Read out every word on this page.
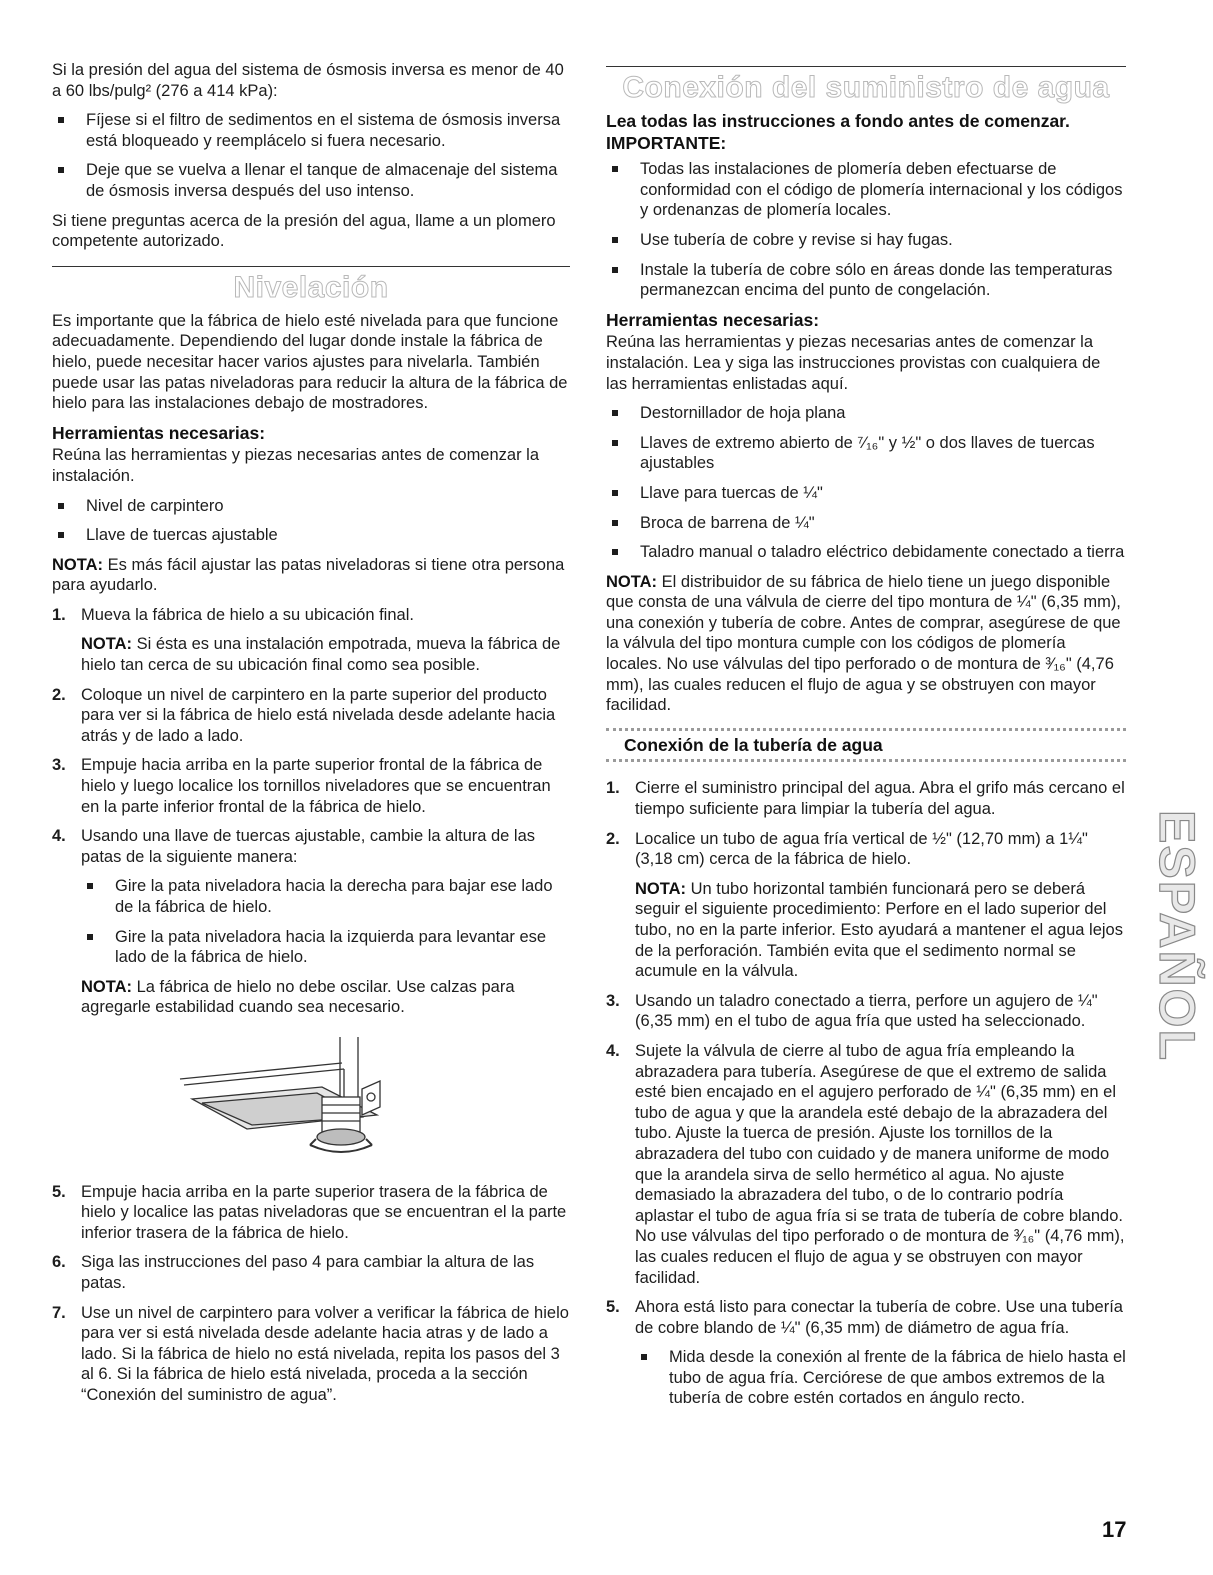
Si la presión del agua del sistema de ósmosis inversa es menor de 40 a 60 lbs/pulg² (276 a 414 kPa):

Fíjese si el filtro de sedimentos en el sistema de ósmosis inversa está bloqueado y reemplácelo si fuera necesario.
Deje que se vuelva a llenar el tanque de almacenaje del sistema de ósmosis inversa después del uso intenso.

Si tiene preguntas acerca de la presión del agua, llame a un plomero competente autorizado.

Nivelación

Es importante que la fábrica de hielo esté nivelada para que funcione adecuadamente. Dependiendo del lugar donde instale la fábrica de hielo, puede necesitar hacer varios ajustes para nivelarla. También puede usar las patas niveladoras para reducir la altura de la fábrica de hielo para las instalaciones debajo de mostradores.

Herramientas necesarias:

Reúna las herramientas y piezas necesarias antes de comenzar la instalación.

Nivel de carpintero
Llave de tuercas ajustable

NOTA: Es más fácil ajustar las patas niveladoras si tiene otra persona para ayudarlo.

1. Mueva la fábrica de hielo a su ubicación final.

NOTA: Si ésta es una instalación empotrada, mueva la fábrica de hielo tan cerca de su ubicación final como sea posible.

2. Coloque un nivel de carpintero en la parte superior del producto para ver si la fábrica de hielo está nivelada desde adelante hacia atrás y de lado a lado.

3. Empuje hacia arriba en la parte superior frontal de la fábrica de hielo y luego localice los tornillos niveladores que se encuentran en la parte inferior frontal de la fábrica de hielo.

4. Usando una llave de tuercas ajustable, cambie la altura de las patas de la siguiente manera:

Gire la pata niveladora hacia la derecha para bajar ese lado de la fábrica de hielo.
Gire la pata niveladora hacia la izquierda para levantar ese lado de la fábrica de hielo.

NOTA: La fábrica de hielo no debe oscilar. Use calzas para agregarle estabilidad cuando sea necesario.

5. Empuje hacia arriba en la parte superior trasera de la fábrica de hielo y localice las patas niveladoras que se encuentran el la parte inferior trasera de la fábrica de hielo.

6. Siga las instrucciones del paso 4 para cambiar la altura de las patas.

7. Use un nivel de carpintero para volver a verificar la fábrica de hielo para ver si está nivelada desde adelante hacia atras y de lado a lado. Si la fábrica de hielo no está nivelada, repita los pasos del 3 al 6. Si la fábrica de hielo está nivelada, proceda a la sección “Conexión del suministro de agua”.

Conexión del suministro de agua
Lea todas las instrucciones a fondo antes de comenzar.
IMPORTANTE:
Todas las instalaciones de plomería deben efectuarse de conformidad con el código de plomería internacional y los códigos y ordenanzas de plomería locales.
Use tubería de cobre y revise si hay fugas.
Instale la tubería de cobre sólo en áreas donde las temperaturas permanezcan encima del punto de congelación.
Herramientas necesarias:

Reúna las herramientas y piezas necesarias antes de comenzar la instalación. Lea y siga las instrucciones provistas con cualquiera de las herramientas enlistadas aquí.

Destornillador de hoja plana
Llaves de extremo abierto de ⁷⁄₁₆" y ½" o dos llaves de tuercas ajustables
Llave para tuercas de ¼"
Broca de barrena de ¼"
Taladro manual o taladro eléctrico debidamente conectado a tierra

NOTA: El distribuidor de su fábrica de hielo tiene un juego disponible que consta de una válvula de cierre del tipo montura de ¼" (6,35 mm), una conexión y tubería de cobre. Antes de comprar, asegúrese de que la válvula del tipo montura cumple con los códigos de plomería locales. No use válvulas del tipo perforado o de montura de ³⁄₁₆" (4,76 mm), las cuales reducen el flujo de agua y se obstruyen con mayor facilidad.

Conexión de la tubería de agua
1. Cierre el suministro principal del agua. Abra el grifo más cercano el tiempo suficiente para limpiar la tubería del agua.

2. Localice un tubo de agua fría vertical de ½" (12,70 mm) a 1¼" (3,18 cm) cerca de la fábrica de hielo.

NOTA: Un tubo horizontal también funcionará pero se deberá seguir el siguiente procedimiento: Perfore en el lado superior del tubo, no en la parte inferior. Esto ayudará a mantener el agua lejos de la perforación. También evita que el sedimento normal se acumule en la válvula.

3. Usando un taladro conectado a tierra, perfore un agujero de ¼" (6,35 mm) en el tubo de agua fría que usted ha seleccionado.

4. Sujete la válvula de cierre al tubo de agua fría empleando la abrazadera para tubería. Asegúrese de que el extremo de salida esté bien encajado en el agujero perforado de ¼" (6,35 mm) en el tubo de agua y que la arandela esté debajo de la abrazadera del tubo. Ajuste la tuerca de presión. Ajuste los tornillos de la abrazadera del tubo con cuidado y de manera uniforme de modo que la arandela sirva de sello hermético al agua. No ajuste demasiado la abrazadera del tubo, o de lo contrario podría aplastar el tubo de agua fría si se trata de tubería de cobre blando. No use válvulas del tipo perforado o de montura de ³⁄₁₆" (4,76 mm), las cuales reducen el flujo de agua y se obstruyen con mayor facilidad.

5. Ahora está listo para conectar la tubería de cobre. Use una tubería de cobre blando de ¼" (6,35 mm) de diámetro de agua fría.

Mida desde la conexión al frente de la fábrica de hielo hasta el tubo de agua fría. Cerciórese de que ambos extremos de la tubería de cobre estén cortados en ángulo recto.
ESPAÑOL
17
